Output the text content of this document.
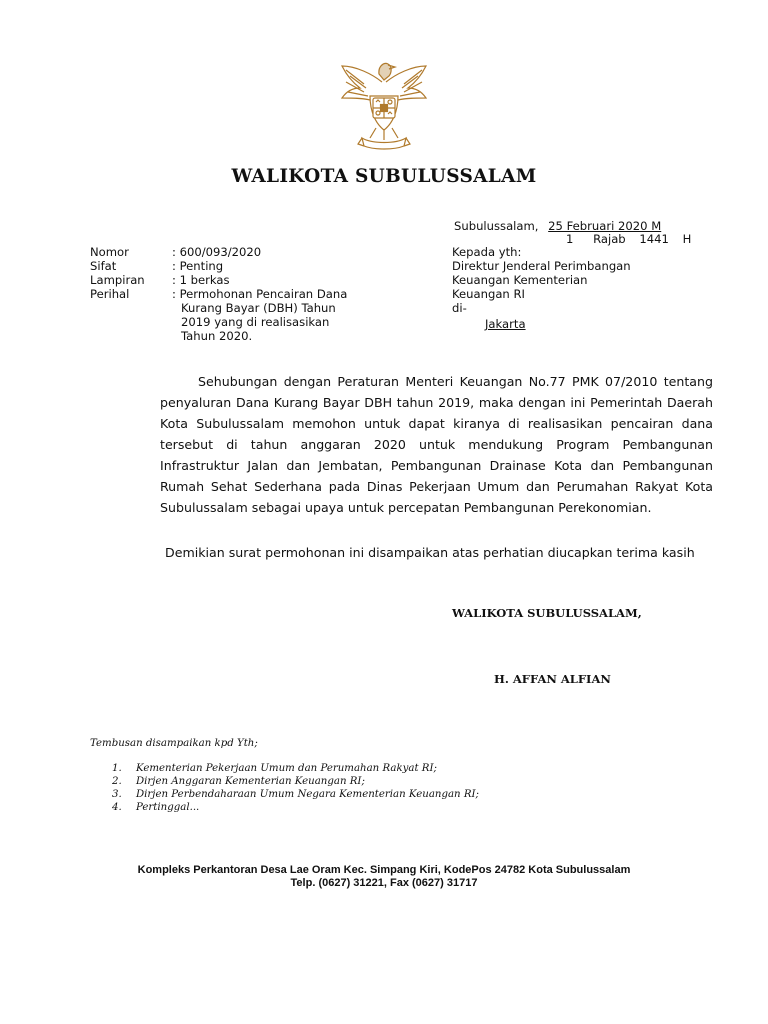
WALIKOTA SUBULUSSALAM
Subulussalam, 25 Februari 2020 M
1 Rajab 1441 H
Nomor	: 600/093/2020
Sifat	: Penting
Lampiran	: 1 berkas
Perihal	: Permohonan Pencairan Dana
Kurang Bayar (DBH) Tahun
2019 yang di realisasikan
Tahun 2020.
Kepada yth:
Direktur Jenderal Perimbangan
Keuangan Kementerian
Keuangan RI
di-
Jakarta
Sehubungan dengan Peraturan Menteri Keuangan No.77 PMK 07/2010 tentang penyaluran Dana Kurang Bayar DBH tahun 2019, maka dengan ini Pemerintah Daerah Kota Subulussalam memohon untuk dapat kiranya di realisasikan pencairan dana tersebut di tahun anggaran 2020 untuk mendukung Program Pembangunan Infrastruktur Jalan dan Jembatan, Pembangunan Drainase Kota dan Pembangunan Rumah Sehat Sederhana pada Dinas Pekerjaan Umum dan Perumahan Rakyat Kota Subulussalam sebagai upaya untuk percepatan Pembangunan Perekonomian.
Demikian surat permohonan ini disampaikan atas perhatian diucapkan terima kasih
WALIKOTA SUBULUSSALAM,
H. AFFAN ALFIAN
Tembusan disampaikan kpd Yth;
1.	Kementerian Pekerjaan Umum dan Perumahan Rakyat RI;
2.	Dirjen Anggaran Kementerian Keuangan RI;
3.	Dirjen Perbendaharaan Umum Negara Kementerian Keuangan RI;
4.	Pertinggal...
Kompleks Perkantoran Desa Lae Oram Kec. Simpang Kiri, KodePos 24782 Kota Subulussalam
Telp. (0627) 31221, Fax (0627) 31717
